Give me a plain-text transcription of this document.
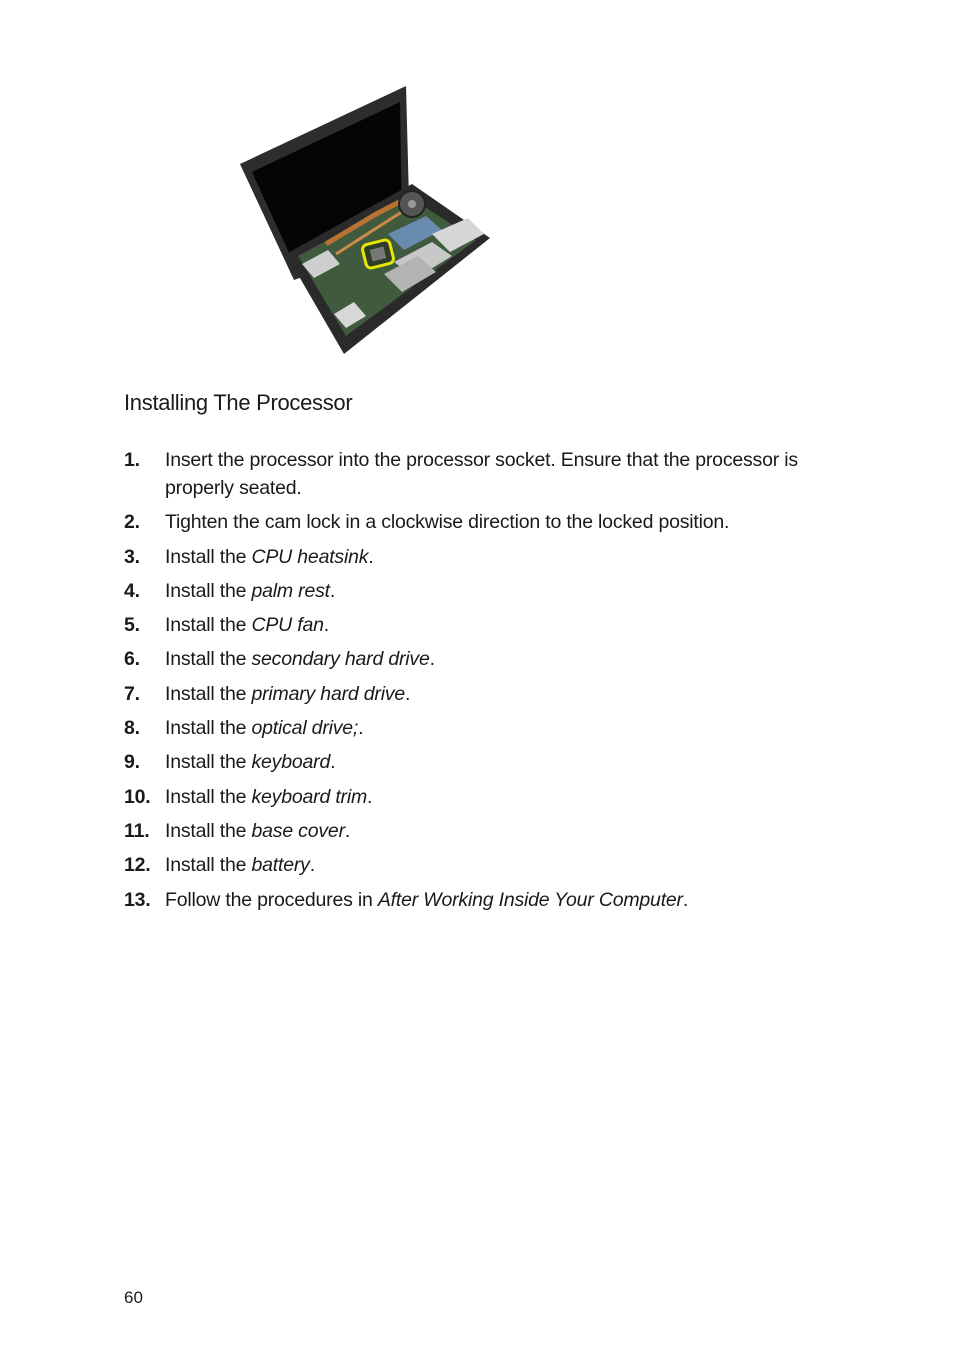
Installing The Processor
1.	Insert the processor into the processor socket. Ensure that the processor is properly seated.
2.	Tighten the cam lock in a clockwise direction to the locked position.
3.	Install the CPU heatsink.
4.	Install the palm rest.
5.	Install the CPU fan.
6.	Install the secondary hard drive.
7.	Install the primary hard drive.
8.	Install the optical drive;.
9.	Install the keyboard.
10. Install the keyboard trim.
11. Install the base cover.
12. Install the battery.
13. Follow the procedures in After Working Inside Your Computer.
60
